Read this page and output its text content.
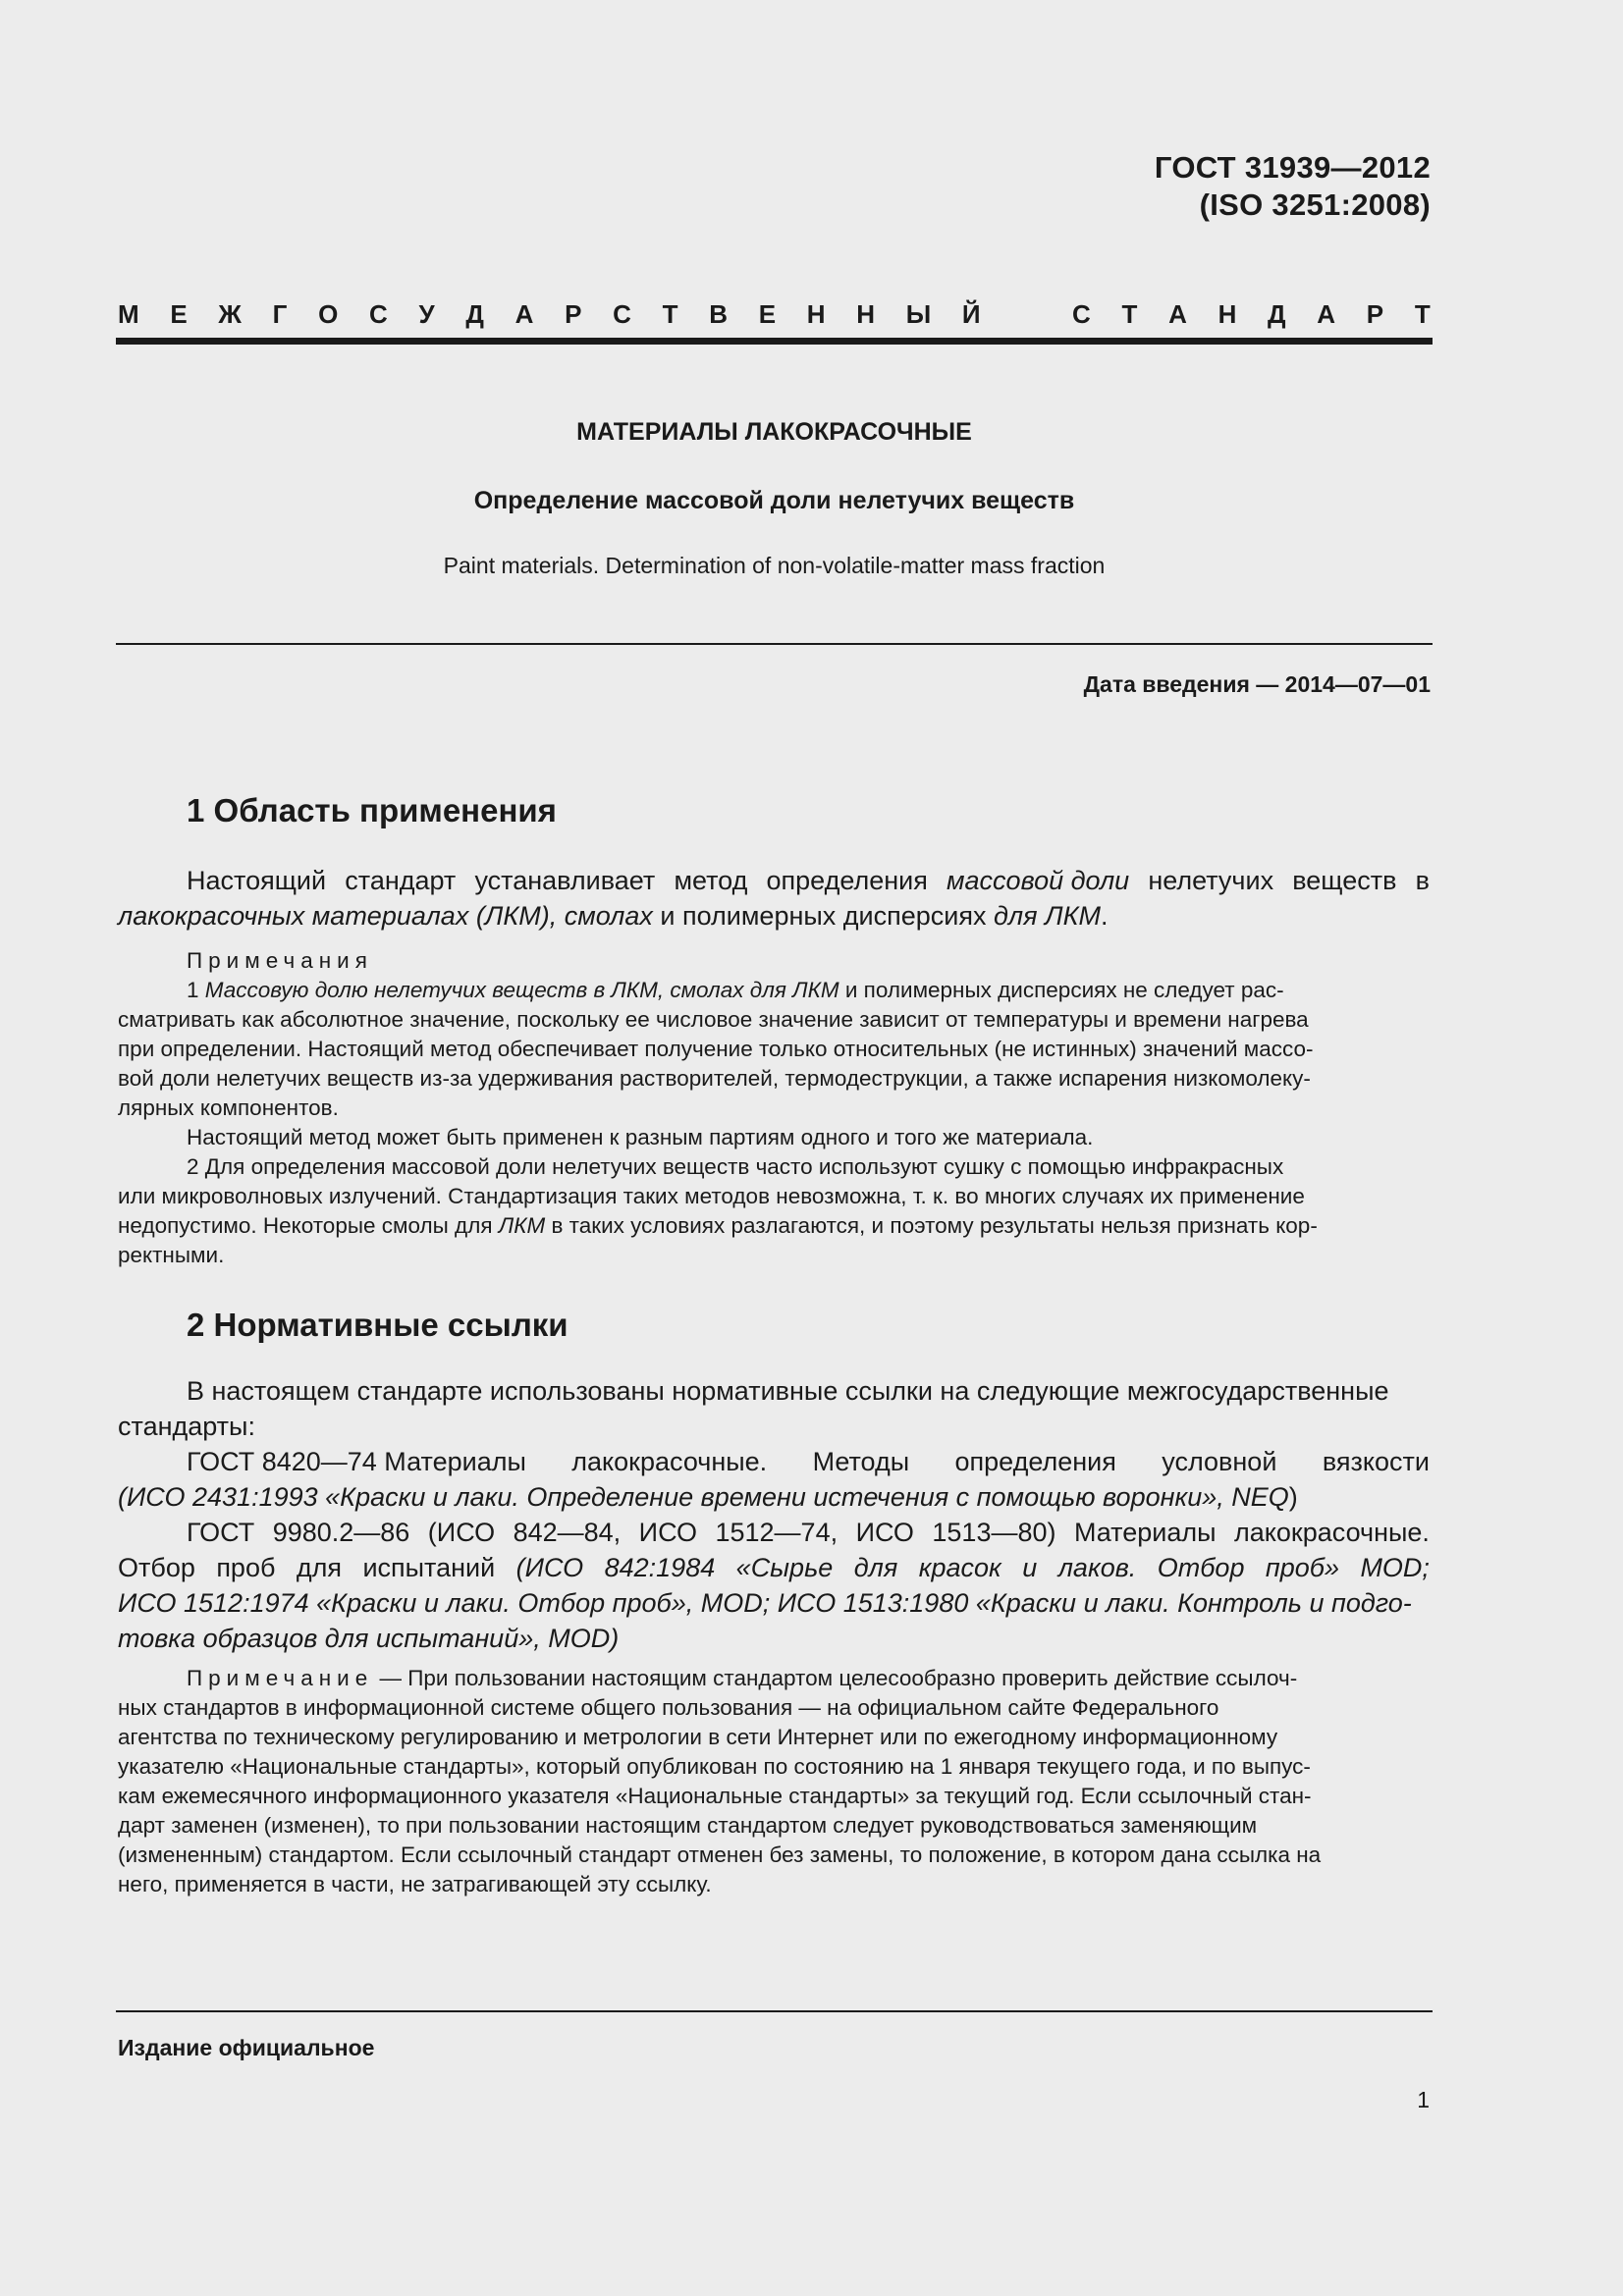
ГОСТ 31939—2012
(ISO 3251:2008)
М Е Ж Г О С У Д А Р С Т В Е Н Н Ы Й	С Т А Н Д А Р Т
МАТЕРИАЛЫ ЛАКОКРАСОЧНЫЕ
Определение массовой доли нелетучих веществ
Paint materials. Determination of non-volatile-matter mass fraction
Дата введения — 2014—07—01
1 Область применения
Настоящий стандарт устанавливает метод определения массовой доли нелетучих веществ в
лакокрасочных материалах (ЛКМ), смолах и полимерных дисперсиях для ЛКМ.
Примечания
1 Массовую долю нелетучих веществ в ЛКМ, смолах для ЛКМ и полимерных дисперсиях не следует рас-
сматривать как абсолютное значение, поскольку ее числовое значение зависит от температуры и времени нагрева
при определении. Настоящий метод обеспечивает получение только относительных (не истинных) значений массо-
вой доли нелетучих веществ из-за удерживания растворителей, термодеструкции, а также испарения низкомолеку-
лярных компонентов.
Настоящий метод может быть применен к разным партиям одного и того же материала.
2 Для определения массовой доли нелетучих веществ часто используют сушку с помощью инфракрасных
или микроволновых излучений. Стандартизация таких методов невозможна, т. к. во многих случаях их применение
недопустимо. Некоторые смолы для ЛКМ в таких условиях разлагаются, и поэтому результаты нельзя признать кор-
ректными.
2 Нормативные ссылки
В настоящем стандарте использованы нормативные ссылки на следующие межгосударственные
стандарты:
ГОСТ 8420—74 Материалы лакокрасочные. Методы определения условной вязкости
(ИСО 2431:1993 «Краски и лаки. Определение времени истечения с помощью воронки», NEQ)
ГОСТ 9980.2—86 (ИСО 842—84, ИСО 1512—74, ИСО 1513—80) Материалы лакокрасочные.
Отбор проб для испытаний (ИСО 842:1984 «Сырье для красок и лаков. Отбор проб» MOD;
ИСО 1512:1974 «Краски и лаки. Отбор проб», MOD; ИСО 1513:1980 «Краски и лаки. Контроль и подго-
товка образцов для испытаний», MOD)
Примечание — При пользовании настоящим стандартом целесообразно проверить действие ссылоч-
ных стандартов в информационной системе общего пользования — на официальном сайте Федерального
агентства по техническому регулированию и метрологии в сети Интернет или по ежегодному информационному
указателю «Национальные стандарты», который опубликован по состоянию на 1 января текущего года, и по выпус-
кам ежемесячного информационного указателя «Национальные стандарты» за текущий год. Если ссылочный стан-
дарт заменен (изменен), то при пользовании настоящим стандартом следует руководствоваться заменяющим
(измененным) стандартом. Если ссылочный стандарт отменен без замены, то положение, в котором дана ссылка на
него, применяется в части, не затрагивающей эту ссылку.
Издание официальное
1
